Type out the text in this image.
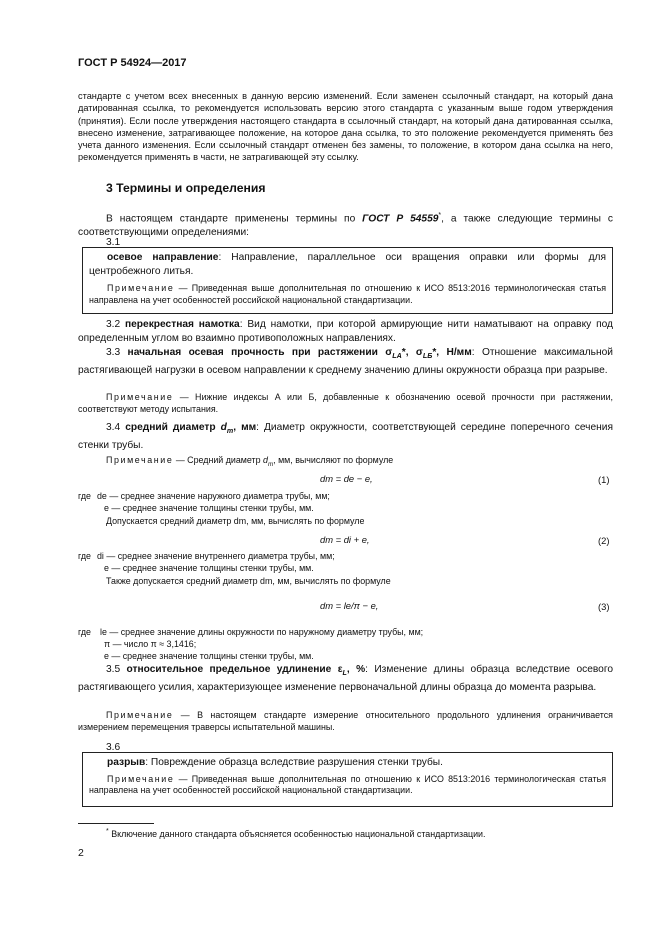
ГОСТ Р 54924—2017
стандарте с учетом всех внесенных в данную версию изменений. Если заменен ссылочный стандарт, на который дана датированная ссылка, то рекомендуется использовать версию этого стандарта с указанным выше годом утверждения (принятия). Если после утверждения настоящего стандарта в ссылочный стандарт, на который дана датированная ссылка, внесено изменение, затрагивающее положение, на которое дана ссылка, то это положение рекомендуется применять без учета данного изменения. Если ссылочный стандарт отменен без замены, то положение, в котором дана ссылка на него, рекомендуется применять в части, не затрагивающей эту ссылку.
3 Термины и определения
В настоящем стандарте применены термины по ГОСТ Р 54559*, а также следующие термины с соответствующими определениями:
3.1
осевое направление: Направление, параллельное оси вращения оправки или формы для центробежного литья.
Примечание — Приведенная выше дополнительная по отношению к ИСО 8513:2016 терминологическая статья направлена на учет особенностей российской национальной стандартизации.
3.2 перекрестная намотка: Вид намотки, при которой армирующие нити наматывают на оправку под определенным углом во взаимно противоположных направлениях.
3.3 начальная осевая прочность при растяжении $\sigma_{LA}*$, $\sigma_{LБ}*$, Н/мм: Отношение максимальной растягивающей нагрузки в осевом направлении к среднему значению длины окружности образца при разрыве.
Примечание — Нижние индексы А или Б, добавленные к обозначению осевой прочности при растяжении, соответствуют методу испытания.
3.4 средний диаметр $d_m$, мм: Диаметр окружности, соответствующей середине поперечного сечения стенки трубы.
Примечание — Средний диаметр $d_m$, мм, вычисляют по формуле
dm = de − e,	(1)
где de — среднее значение наружного диаметра трубы, мм;
e — среднее значение толщины стенки трубы, мм.
Допускается средний диаметр dm, мм, вычислять по формуле
dm = di + e,	(2)
где di — среднее значение внутреннего диаметра трубы, мм;
e — среднее значение толщины стенки трубы, мм.
Также допускается средний диаметр dm, мм, вычислять по формуле
dm = le/π − e,	(3)
где le — среднее значение длины окружности по наружному диаметру трубы, мм;
π — число π ≈ 3,1416;
e — среднее значение толщины стенки трубы, мм.
3.5 относительное предельное удлинение $\varepsilon_L$, %: Изменение длины образца вследствие осевого растягивающего усилия, характеризующее изменение первоначальной длины образца до момента разрыва.
Примечание — В настоящем стандарте измерение относительного продольного удлинения ограничивается измерением перемещения траверсы испытательной машины.
3.6
разрыв: Повреждение образца вследствие разрушения стенки трубы.
Примечание — Приведенная выше дополнительная по отношению к ИСО 8513:2016 терминологическая статья направлена на учет особенностей российской национальной стандартизации.
* Включение данного стандарта объясняется особенностью национальной стандартизации.
2
